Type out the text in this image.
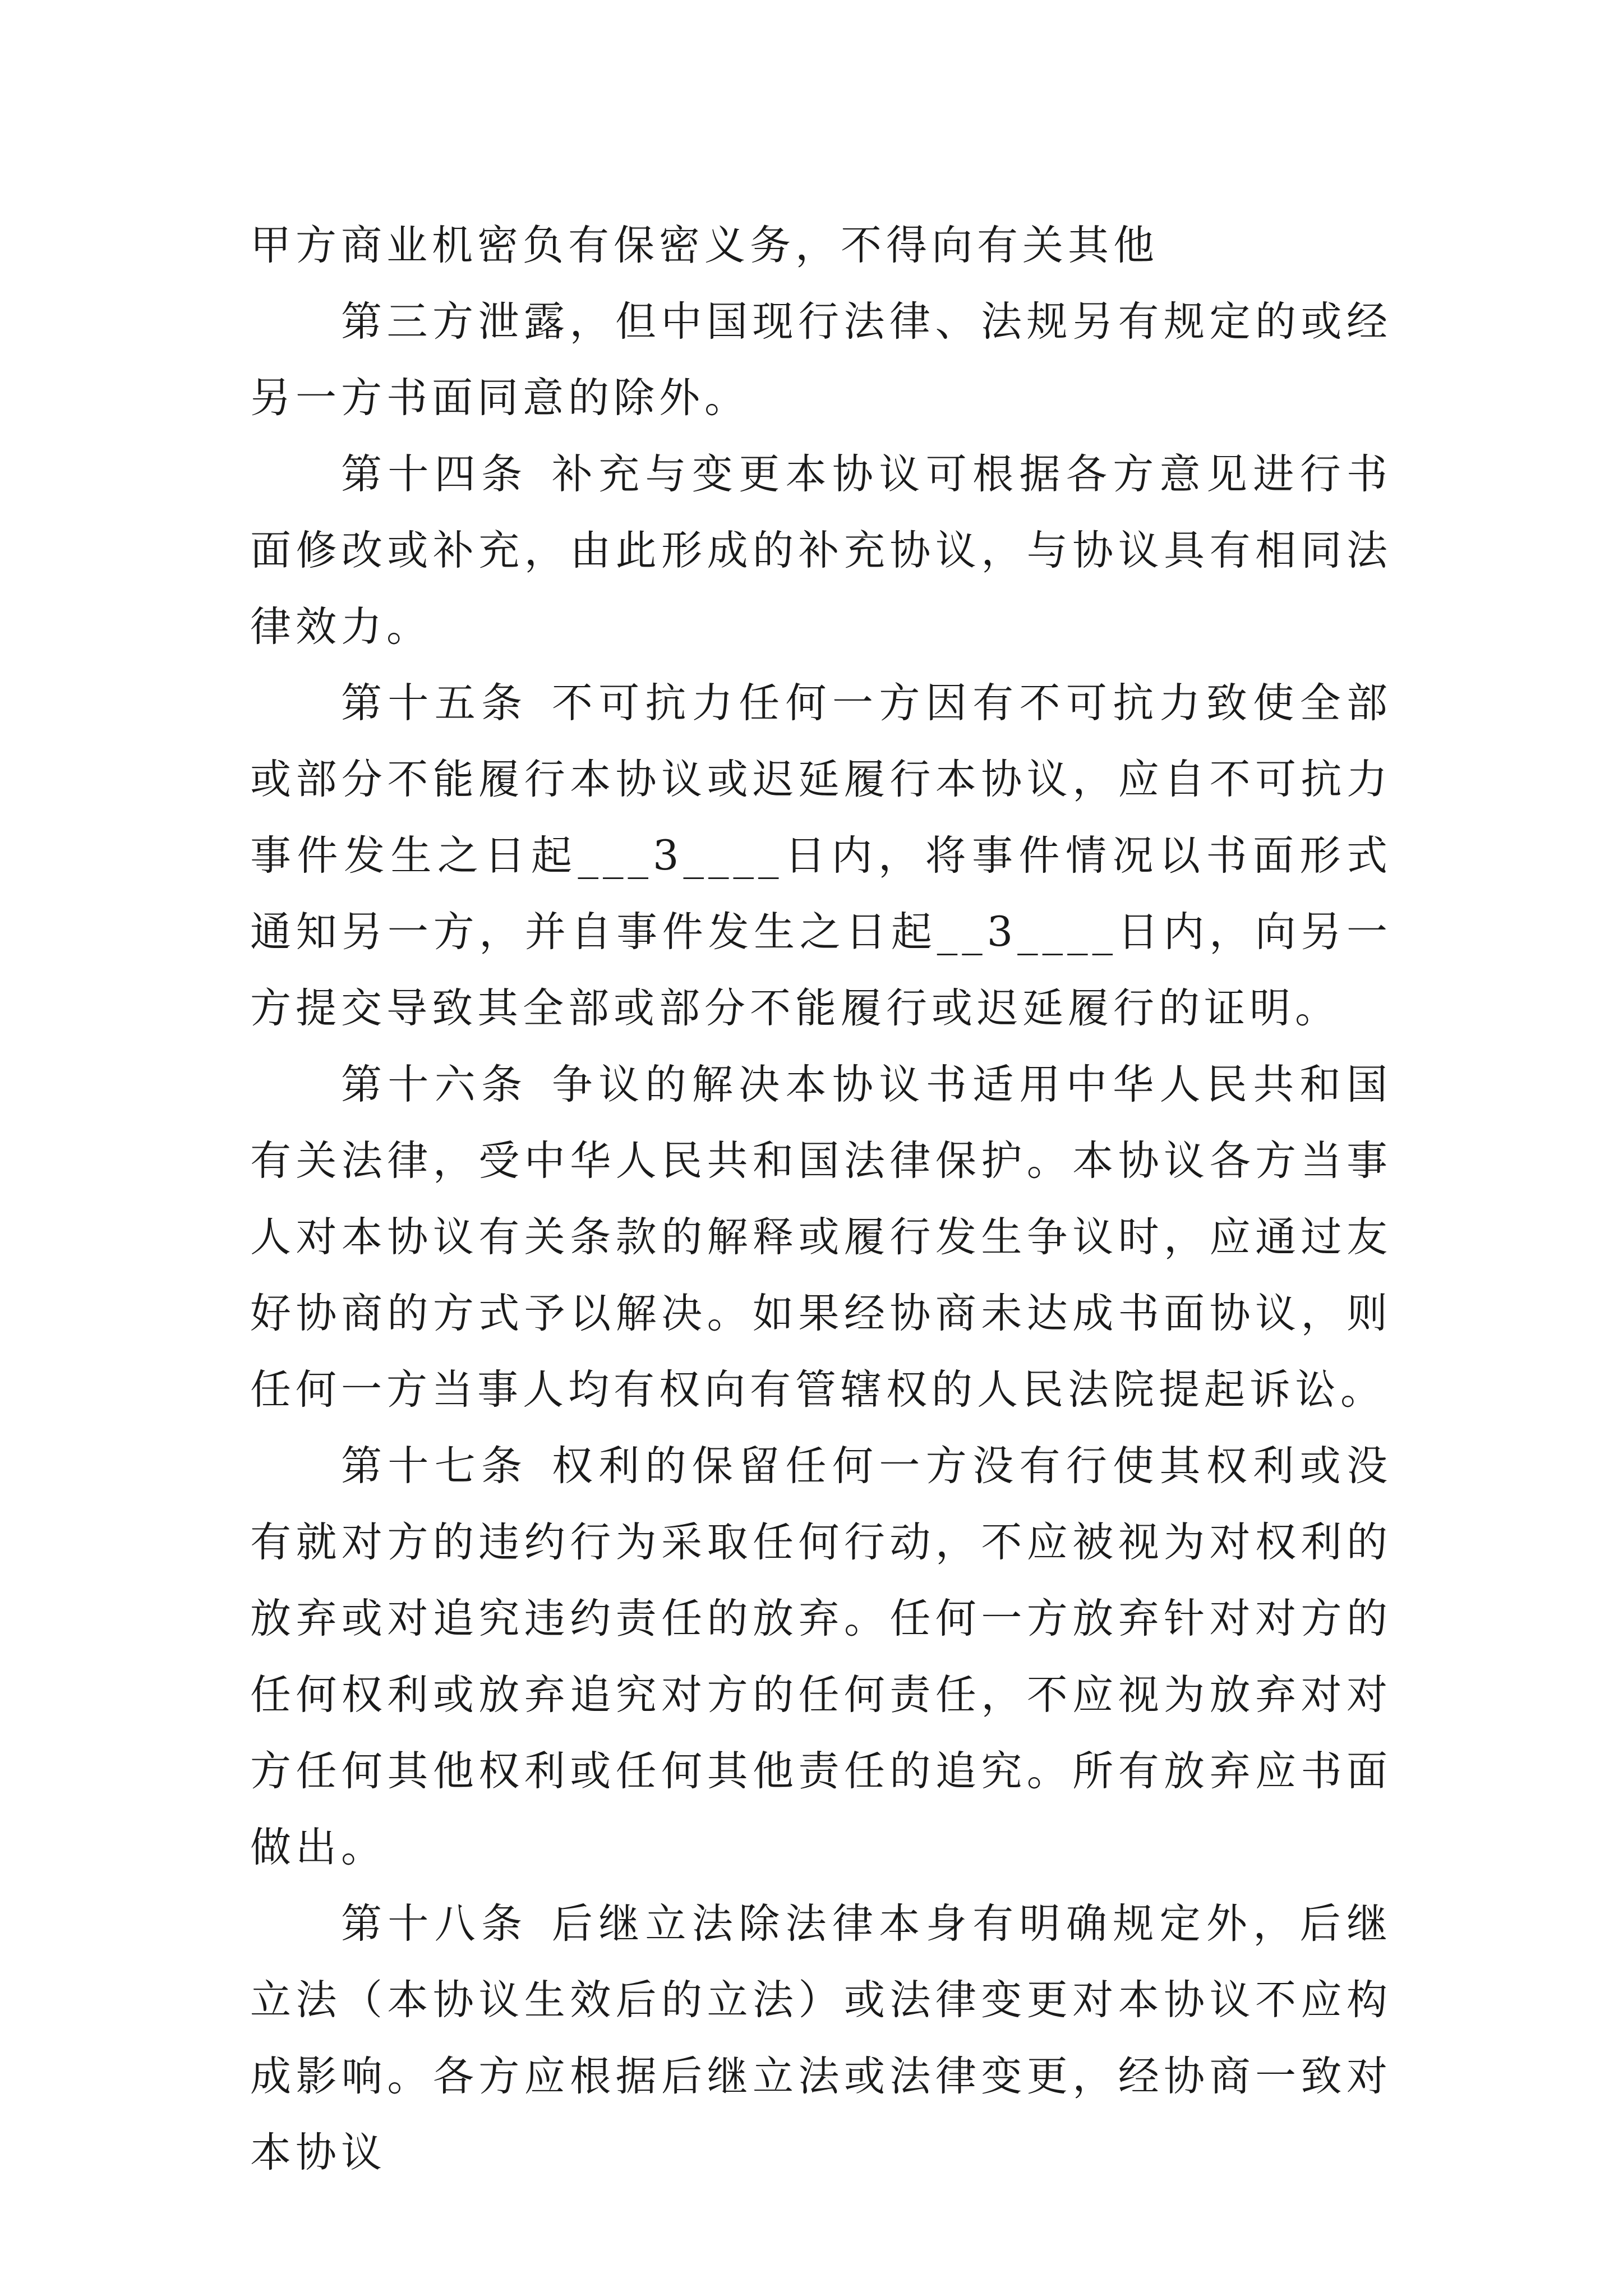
甲方商业机密负有保密义务，不得向有关其他

第三方泄露，但中国现行法律、法规另有规定的或经另一方书面同意的除外。

第十四条 补充与变更本协议可根据各方意见进行书面修改或补充，由此形成的补充协议，与协议具有相同法律效力。

第十五条 不可抗力任何一方因有不可抗力致使全部或部分不能履行本协议或迟延履行本协议，应自不可抗力事件发生之日起___3____日内，将事件情况以书面形式通知另一方，并自事件发生之日起__3____日内，向另一方提交导致其全部或部分不能履行或迟延履行的证明。

第十六条 争议的解决本协议书适用中华人民共和国有关法律，受中华人民共和国法律保护。本协议各方当事人对本协议有关条款的解释或履行发生争议时，应通过友好协商的方式予以解决。如果经协商未达成书面协议，则任何一方当事人均有权向有管辖权的人民法院提起诉讼。

第十七条 权利的保留任何一方没有行使其权利或没有就对方的违约行为采取任何行动，不应被视为对权利的放弃或对追究违约责任的放弃。任何一方放弃针对对方的任何权利或放弃追究对方的任何责任，不应视为放弃对对方任何其他权利或任何其他责任的追究。所有放弃应书面做出。

第十八条 后继立法除法律本身有明确规定外，后继立法（本协议生效后的立法）或法律变更对本协议不应构成影响。各方应根据后继立法或法律变更，经协商一致对本协议
